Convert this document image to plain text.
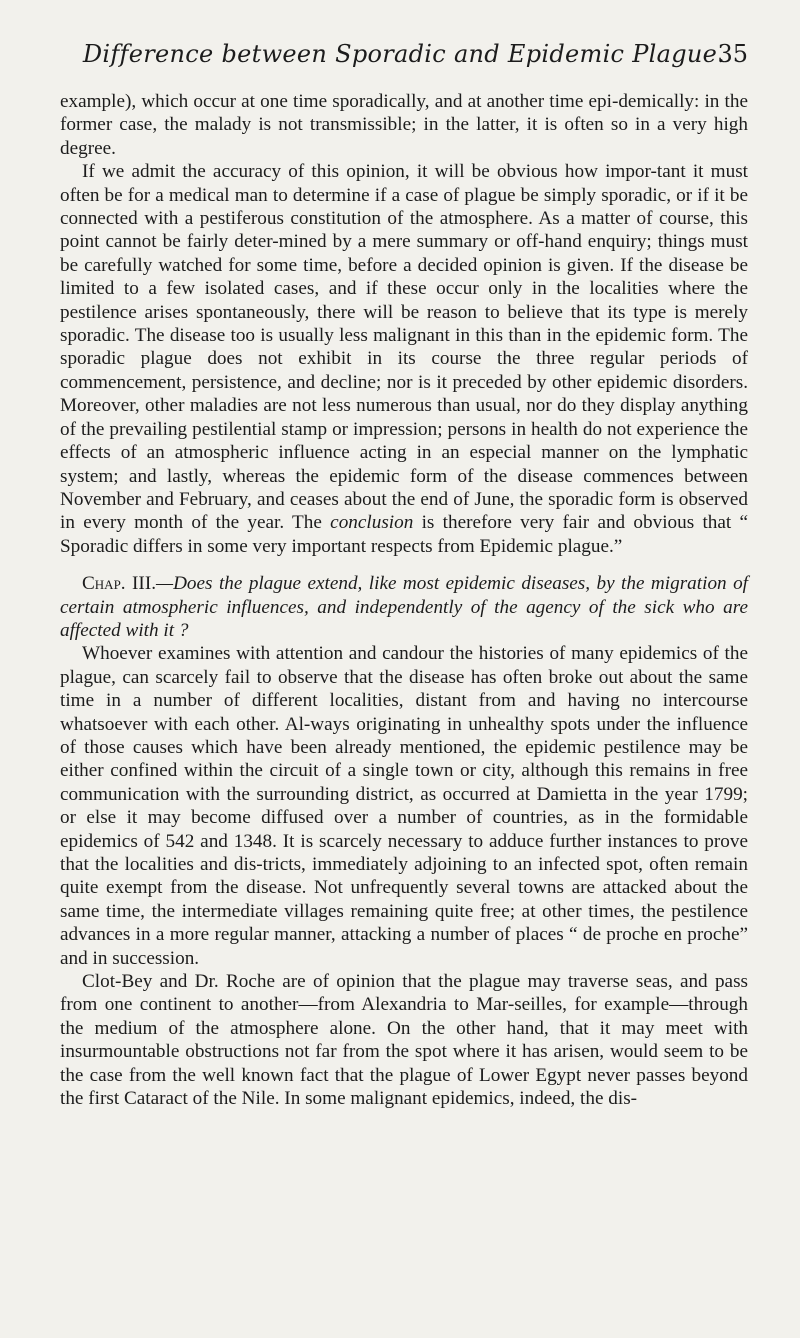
Difference between Sporadic and Epidemic Plague.
35

example), which occur at one time sporadically, and at another time epi-demically: in the former case, the malady is not transmissible; in the latter, it is often so in a very high degree.

If we admit the accuracy of this opinion, it will be obvious how impor-tant it must often be for a medical man to determine if a case of plague be simply sporadic, or if it be connected with a pestiferous constitution of the atmosphere. As a matter of course, this point cannot be fairly deter-mined by a mere summary or off-hand enquiry; things must be carefully watched for some time, before a decided opinion is given. If the disease be limited to a few isolated cases, and if these occur only in the localities where the pestilence arises spontaneously, there will be reason to believe that its type is merely sporadic. The disease too is usually less malignant in this than in the epidemic form. The sporadic plague does not exhibit in its course the three regular periods of commencement, persistence, and decline; nor is it preceded by other epidemic disorders. Moreover, other maladies are not less numerous than usual, nor do they display anything of the prevailing pestilential stamp or impression; persons in health do not experience the effects of an atmospheric influence acting in an especial manner on the lymphatic system; and lastly, whereas the epidemic form of the disease commences between November and February, and ceases about the end of June, the sporadic form is observed in every month of the year. The conclusion is therefore very fair and obvious that “ Sporadic differs in some very important respects from Epidemic plague.”

Chap. III.—Does the plague extend, like most epidemic diseases, by the migration of certain atmospheric influences, and independently of the agency of the sick who are affected with it ?

Whoever examines with attention and candour the histories of many epidemics of the plague, can scarcely fail to observe that the disease has often broke out about the same time in a number of different localities, distant from and having no intercourse whatsoever with each other. Al-ways originating in unhealthy spots under the influence of those causes which have been already mentioned, the epidemic pestilence may be either confined within the circuit of a single town or city, although this remains in free communication with the surrounding district, as occurred at Damietta in the year 1799; or else it may become diffused over a number of countries, as in the formidable epidemics of 542 and 1348. It is scarcely necessary to adduce further instances to prove that the localities and dis-tricts, immediately adjoining to an infected spot, often remain quite exempt from the disease. Not unfrequently several towns are attacked about the same time, the intermediate villages remaining quite free; at other times, the pestilence advances in a more regular manner, attacking a number of places “ de proche en proche” and in succession.

Clot-Bey and Dr. Roche are of opinion that the plague may traverse seas, and pass from one continent to another—from Alexandria to Mar-seilles, for example—through the medium of the atmosphere alone. On the other hand, that it may meet with insurmountable obstructions not far from the spot where it has arisen, would seem to be the case from the well known fact that the plague of Lower Egypt never passes beyond the first Cataract of the Nile. In some malignant epidemics, indeed, the dis-
